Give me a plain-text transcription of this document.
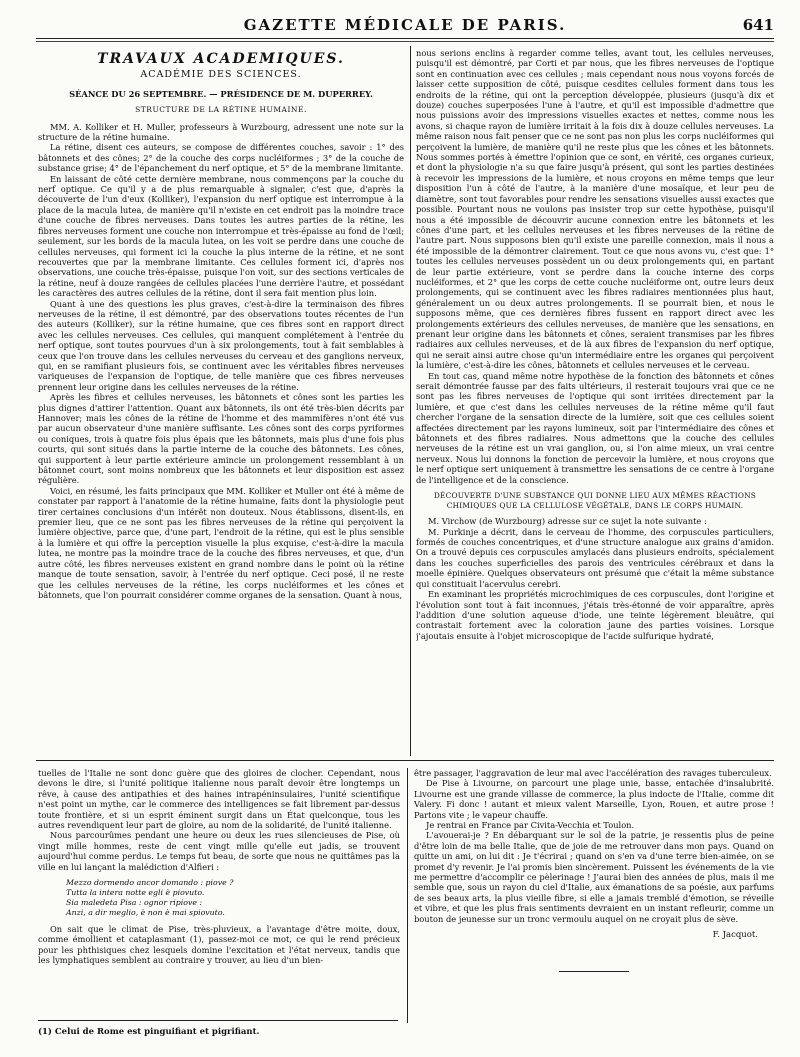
GAZETTE MÉDICALE DE PARIS.	641
TRAVAUX ACADÉMIQUES.
ACADÉMIE DES SCIENCES.
SÉANCE DU 26 SEPTEMBRE. — PRÉSIDENCE DE M. DUPERREY.
STRUCTURE DE LA RÉTINE HUMAINE.

MM. A. Kolliker et H. Muller, professeurs à Wurzbourg, adressent une note sur la structure de la rétine humaine.

La rétine, disent ces auteurs, se compose de différentes couches, savoir : 1° des bâtonnets et des cônes; 2° de la couche des corps nucléiformes ; 3° de la couche de substance grise; 4° de l'épanchement du nerf optique, et 5° de la membrane limitante.

En laissant de côté cette dernière membrane, nous commençons par la couche du nerf optique. Ce qu'il y a de plus remarquable à signaler, c'est que, d'après la découverte de l'un d'eux (Kolliker), l'expansion du nerf optique est interrompue à la place de la macula lutea, de manière qu'il n'existe en cet endroit pas la moindre trace d'une couche de fibres nerveuses. Dans toutes les autres parties de la rétine, les fibres nerveuses forment une couche non interrompue et très-épaisse au fond de l'œil; seulement, sur les bords de la macula lutea, on les voit se perdre dans une couche de cellules nerveuses, qui forment ici la couche la plus interne de la rétine, et ne sont recouvertes que par la membrane limitante. Ces cellules forment ici, d'après nos observations, une couche très-épaisse, puisque l'on voit, sur des sections verticales de la rétine, neuf à douze rangées de cellules placées l'une derrière l'autre, et possédant les caractères des autres cellules de la rétine, dont il sera fait mention plus loin.

Quant à une des questions les plus graves, c'est-à-dire la terminaison des fibres nerveuses de la rétine, il est démontré, par des observations toutes récentes de l'un des auteurs (Kolliker), sur la rétine humaine, que ces fibres sont en rapport direct avec les cellules nerveuses. Ces cellules, qui manquent complétement à l'entrée du nerf optique, sont toutes pourvues d'un à six prolongements, tout à fait semblables à ceux que l'on trouve dans les cellules nerveuses du cerveau et des ganglions nerveux, qui, en se ramifiant plusieurs fois, se continuent avec les véritables fibres nerveuses variqueuses de l'expansion de l'optique, de telle manière que ces fibres nerveuses prennent leur origine dans les cellules nerveuses de la rétine.

Après les fibres et cellules nerveuses, les bâtonnets et cônes sont les parties les plus dignes d'attirer l'attention. Quant aux bâtonnets, ils ont été très-bien décrits par Hannover; mais les cônes de la rétine de l'homme et des mammifères n'ont été vus par aucun observateur d'une manière suffisante. Les cônes sont des corps pyriformes ou coniques, trois à quatre fois plus épais que les bâtonnets, mais plus d'une fois plus courts, qui sont situés dans la partie interne de la couche des bâtonnets. Les cônes, qui supportent à leur partie extérieure amincie un prolongement ressemblant à un bâtonnet court, sont moins nombreux que les bâtonnets et leur disposition est assez régulière.

Voici, en résumé, les faits principaux que MM. Kolliker et Muller ont été à même de constater par rapport à l'anatomie de la rétine humaine, faits dont la physiologie peut tirer certaines conclusions d'un intérêt non douteux. Nous établissons, disent-ils, en premier lieu, que ce ne sont pas les fibres nerveuses de la rétine qui perçoivent la lumière objective, parce que, d'une part, l'endroit de la rétine, qui est le plus sensible à la lumière et qui offre la perception visuelle la plus exquise, c'est-à-dire la macula lutea, ne montre pas la moindre trace de la couche des fibres nerveuses, et que, d'un autre côté, les fibres nerveuses existent en grand nombre dans le point où la rétine manque de toute sensation, savoir, à l'entrée du nerf optique. Ceci posé, il ne reste que les cellules nerveuses de la rétine, les corps nucléiformes et les cônes et bâtonnets, que l'on pourrait considérer comme organes de la sensation. Quant à nous,

nous serions enclins à regarder comme telles, avant tout, les cellules nerveuses, puisqu'il est démontré, par Corti et par nous, que les fibres nerveuses de l'optique sont en continuation avec ces cellules ; mais cependant nous nous voyons forcés de laisser cette supposition de côté, puisque cesdites cellules forment dans tous les endroits de la rétine, qui ont la perception développée, plusieurs (jusqu'à dix et douze) couches superposées l'une à l'autre, et qu'il est impossible d'admettre que nous puissions avoir des impressions visuelles exactes et nettes, comme nous les avons, si chaque rayon de lumière irritait à la fois dix à douze cellules nerveuses. La même raison nous fait penser que ce ne sont pas non plus les corps nucléiformes qui perçoivent la lumière, de manière qu'il ne reste plus que les cônes et les bâtonnets. Nous sommes portés à émettre l'opinion que ce sont, en vérité, ces organes curieux, et dont la physiologie n'a su que faire jusqu'à présent, qui sont les parties destinées à recevoir les impressions de la lumière, et nous croyons en même temps que leur disposition l'un à côté de l'autre, à la manière d'une mosaïque, et leur peu de diamètre, sont tout favorables pour rendre les sensations visuelles aussi exactes que possible. Pourtant nous ne voulons pas insister trop sur cette hypothèse, puisqu'il nous a été impossible de découvrir aucune connexion entre les bâtonnets et les cônes d'une part, et les cellules nerveuses et les fibres nerveuses de la rétine de l'autre part. Nous supposons bien qu'il existe une pareille connexion, mais il nous a été impossible de la démontrer clairement. Tout ce que nous avons vu, c'est que: 1° toutes les cellules nerveuses possèdent un ou deux prolongements qui, en partant de leur partie extérieure, vont se perdre dans la couche interne des corps nucléiformes, et 2° que les corps de cette couche nucléiforme ont, outre leurs deux prolongements, qui se continuent avec les fibres radiaires mentionnées plus haut, généralement un ou deux autres prolongements. Il se pourrait bien, et nous le supposons même, que ces dernières fibres fussent en rapport direct avec les prolongements extérieurs des cellules nerveuses, de manière que les sensations, en prenant leur origine dans les bâtonnets et cônes, seraient transmises par les fibres radiaires aux cellules nerveuses, et de là aux fibres de l'expansion du nerf optique, qui ne serait ainsi autre chose qu'un intermédiaire entre les organes qui perçoivent la lumière, c'est-à-dire les cônes, bâtonnets et cellules nerveuses et le cerveau.

En tout cas, quand même notre hypothèse de la fonction des bâtonnets et cônes serait démontrée fausse par des faits ultérieurs, il resterait toujours vrai que ce ne sont pas les fibres nerveuses de l'optique qui sont irritées directement par la lumière, et que c'est dans les cellules nerveuses de la rétine même qu'il faut chercher l'organe de la sensation directe de la lumière, soit que ces cellules soient affectées directement par les rayons lumineux, soit par l'intermédiaire des cônes et bâtonnets et des fibres radiaires. Nous admettons que la couche des cellules nerveuses de la rétine est un vrai ganglion, ou, si l'on aime mieux, un vrai centre nerveux. Nous lui donnons la fonction de percevoir la lumière, et nous croyons que le nerf optique sert uniquement à transmettre les sensations de ce centre à l'organe de l'intelligence et de la conscience.

DÉCOUVERTE D'UNE SUBSTANCE QUI DONNE LIEU AUX MÊMES RÉACTIONS CHIMIQUES QUE LA CELLULOSE VÉGÉTALE, DANS LE CORPS HUMAIN.

M. Virchow (de Wurzbourg) adresse sur ce sujet la note suivante :

M. Purkinje a décrit, dans le cerveau de l'homme, des corpuscules particuliers, formés de couches concentriques, et d'une structure analogue aux grains d'amidon. On a trouvé depuis ces corpuscules amylacés dans plusieurs endroits, spécialement dans les couches superficielles des parois des ventricules cérébraux et dans la moelle épinière. Quelques observateurs ont présumé que c'était la même substance qui constituait l'acervulus cerebri.

En examinant les propriétés microchimiques de ces corpuscules, dont l'origine et l'évolution sont tout à fait inconnues, j'étais très-étonné de voir apparaître, après l'addition d'une solution aqueuse d'iode, une teinte légèrement bleuâtre, qui contrastait fortement avec la coloration jaune des parties voisines. Lorsque j'ajoutais ensuite à l'objet microscopique de l'acide sulfurique hydraté,

tuelles de l'Italie ne sont donc guère que des gloires de clocher. Cependant, nous devons le dire, si l'unité politique italienne nous paraît devoir être longtemps un rêve, à cause des antipathies et des haines intrapéninsulaires, l'unité scientifique n'est point un mythe, car le commerce des intelligences se fait librement par-dessus toute frontière, et si un esprit éminent surgit dans un État quelconque, tous les autres revendiquent leur part de gloire, au nom de la solidarité, de l'unité italienne.

Nous parcourûmes pendant une heure ou deux les rues silencieuses de Pise, où vingt mille hommes, reste de cent vingt mille qu'elle eut jadis, se trouvent aujourd'hui comme perdus. Le temps fut beau, de sorte que nous ne quittâmes pas la ville en lui lançant la malédiction d'Alfieri :

Mezzo dormendo ancor domando : piove ?
Tutta la intera notte egli è piovuto.
Sia maledeta Pisa : ognor ripiove :
Anzi, a dir meglio, è non è mai spiovuto.

On sait que le climat de Pise, très-pluvieux, a l'avantage d'être moite, doux, comme émollient et cataplasmant (1), passez-moi ce mot, ce qui le rend précieux pour les phthisiques chez lesquels domine l'excitation et l'état nerveux, tandis que les lymphatiques semblent au contraire y trouver, au lieu d'un bien-

(1) Celui de Rome est pinguifiant et pigrifiant.

être passager, l'aggravation de leur mal avec l'accélération des ravages tuberculeux.

De Pise à Livourne, on parcourt une plage unie, basse, entachée d'insalubrité. Livourne est une grande villasse de commerce, la plus indocte de l'Italie, comme dit Valery. Fi donc ! autant et mieux valent Marseille, Lyon, Rouen, et autre prose ! Partons vite ; le vapeur chauffe.

Je rentrai en France par Civita-Vecchia et Toulon.

L'avouerai-je ? En débarquant sur le sol de la patrie, je ressentis plus de peine d'être loin de ma belle Italie, que de joie de me retrouver dans mon pays. Quand on quitte un ami, on lui dit : Je t'écrirai ; quand on s'en va d'une terre bien-aimée, on se promet d'y revenir. Je l'ai promis bien sincèrement. Puissent les événements de la vie me permettre d'accomplir ce pèlerinage ! J'aurai bien des années de plus, mais il me semble que, sous un rayon du ciel d'Italie, aux émanations de sa poésie, aux parfums de ses beaux arts, la plus vieille fibre, si elle a jamais tremblé d'émotion, se réveille et vibre, et que les plus frais sentiments devraient en un instant refleurir, comme un bouton de jeunesse sur un tronc vermoulu auquel on ne croyait plus de sève.

F. Jacquot.
